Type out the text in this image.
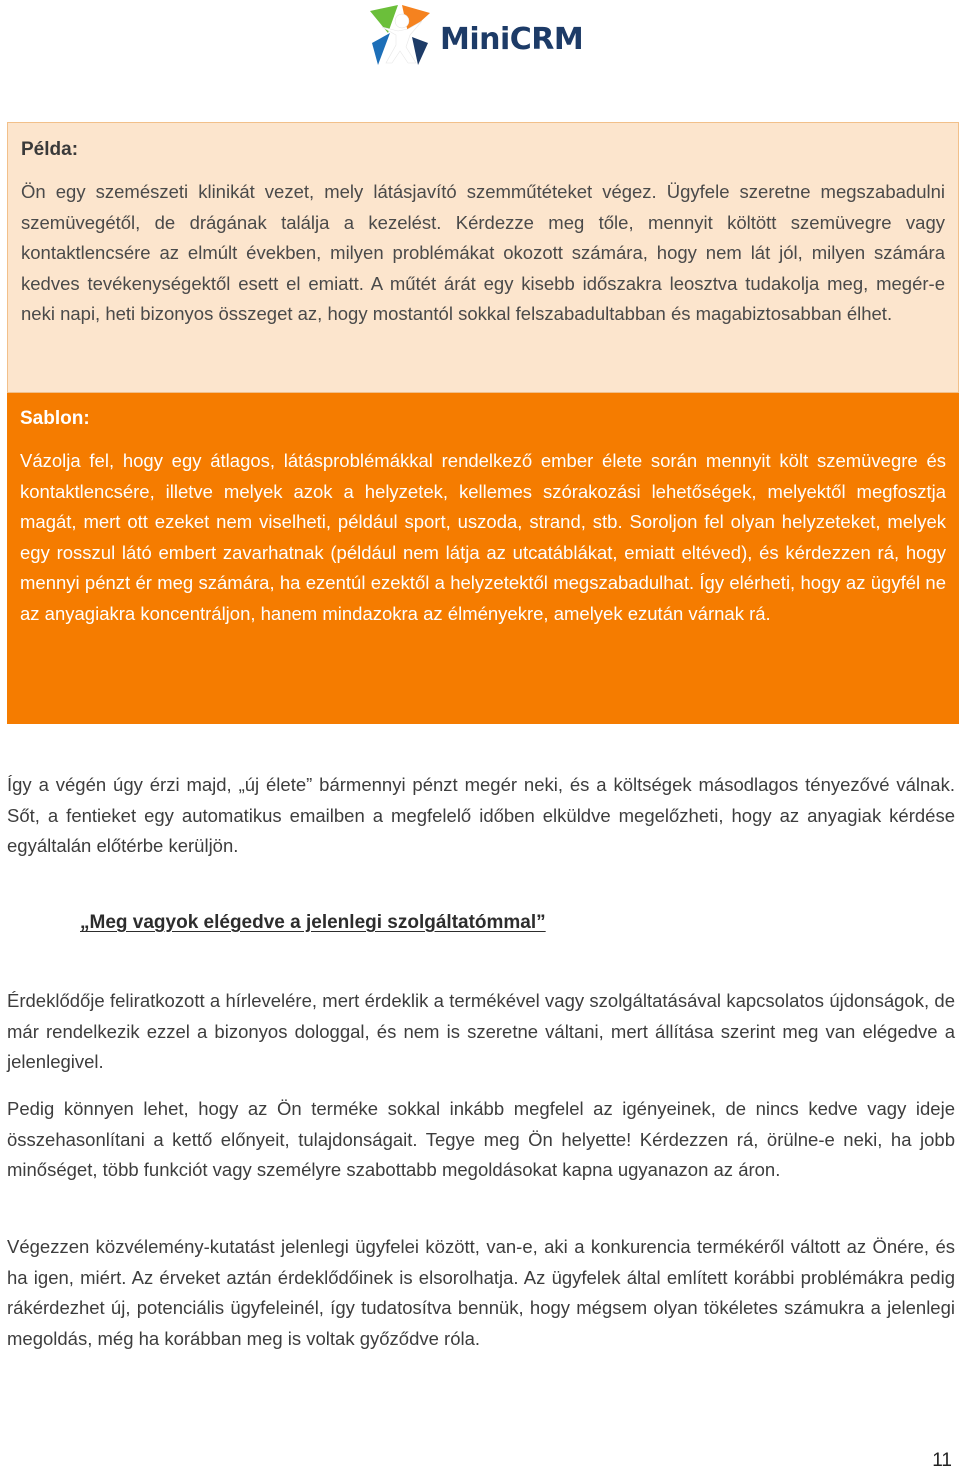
MiniCRM
Példa:

Ön egy szemészeti klinikát vezet, mely látásjavító szemműtéteket végez. Ügyfele szeretne megszabadulni szemüvegétől, de drágának találja a kezelést. Kérdezze meg tőle, mennyit költött szemüvegre vagy kontaktlencsére az elmúlt években, milyen problémákat okozott számára, hogy nem lát jól, milyen számára kedves tevékenységektől esett el emiatt. A műtét árát egy kisebb időszakra leosztva tudakolja meg, megér-e neki napi, heti bizonyos összeget az, hogy mostantól sokkal felszabadultabban és magabiztosabban élhet.

Sablon:

Vázolja fel, hogy egy átlagos, látásproblémákkal rendelkező ember élete során mennyit költ szemüvegre és kontaktlencsére, illetve melyek azok a helyzetek, kellemes szórakozási lehetőségek, melyektől megfosztja magát, mert ott ezeket nem viselheti, például sport, uszoda, strand, stb. Soroljon fel olyan helyzeteket, melyek egy rosszul látó embert zavarhatnak (például nem látja az utcatáblákat, emiatt eltéved), és kérdezzen rá, hogy mennyi pénzt ér meg számára, ha ezentúl ezektől a helyzetektől megszabadulhat. Így elérheti, hogy az ügyfél ne az anyagiakra koncentráljon, hanem mindazokra az élményekre, amelyek ezután várnak rá.

Így a végén úgy érzi majd, „új élete” bármennyi pénzt megér neki, és a költségek másodlagos tényezővé válnak. Sőt, a fentieket egy automatikus emailben a megfelelő időben elküldve megelőzheti, hogy az anyagiak kérdése egyáltalán előtérbe kerüljön.

„Meg vagyok elégedve a jelenlegi szolgáltatómmal”

Érdeklődője feliratkozott a hírlevelére, mert érdeklik a termékével vagy szolgáltatásával kapcsolatos újdonságok, de már rendelkezik ezzel a bizonyos dologgal, és nem is szeretne váltani, mert állítása szerint meg van elégedve a jelenlegivel.

Pedig könnyen lehet, hogy az Ön terméke sokkal inkább megfelel az igényeinek, de nincs kedve vagy ideje összehasonlítani a kettő előnyeit, tulajdonságait. Tegye meg Ön helyette! Kérdezzen rá, örülne-e neki, ha jobb minőséget, több funkciót vagy személyre szabottabb megoldásokat kapna ugyanazon az áron.

Végezzen közvélemény-kutatást jelenlegi ügyfelei között, van-e, aki a konkurencia termékéről váltott az Önére, és ha igen, miért. Az érveket aztán érdeklődőinek is elsorolhatja. Az ügyfelek által említett korábbi problémákra pedig rákérdezhet új, potenciális ügyfeleinél, így tudatosítva bennük, hogy mégsem olyan tökéletes számukra a jelenlegi megoldás, még ha korábban meg is voltak győződve róla.

11
